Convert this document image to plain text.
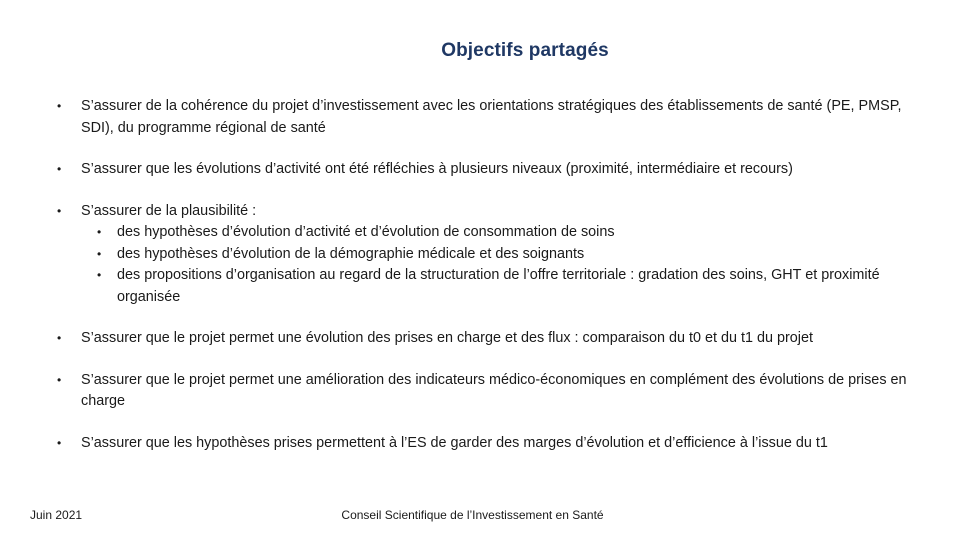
Objectifs partagés
• S’assurer de la cohérence du projet d’investissement avec les orientations stratégiques des établissements de santé (PE, PMSP, SDI), du programme régional de santé
• S’assurer que les évolutions d’activité ont été réfléchies à plusieurs niveaux (proximité, intermédiaire et recours)
• S’assurer de la plausibilité :
• des hypothèses d’évolution d’activité et d’évolution de consommation de soins
• des hypothèses d’évolution de la démographie médicale et des soignants
• des propositions d’organisation au regard de la structuration de l’offre territoriale : gradation des soins, GHT et proximité organisée
• S’assurer que le projet permet une évolution des prises en charge et des flux : comparaison du t0 et du t1 du projet
• S’assurer que le projet permet une amélioration des indicateurs médico-économiques en complément des évolutions de prises en charge
• S’assurer que les hypothèses prises permettent à l’ES de garder des marges d’évolution et d’efficience à l’issue du t1
Juin 2021	Conseil Scientifique de l’Investissement en Santé
